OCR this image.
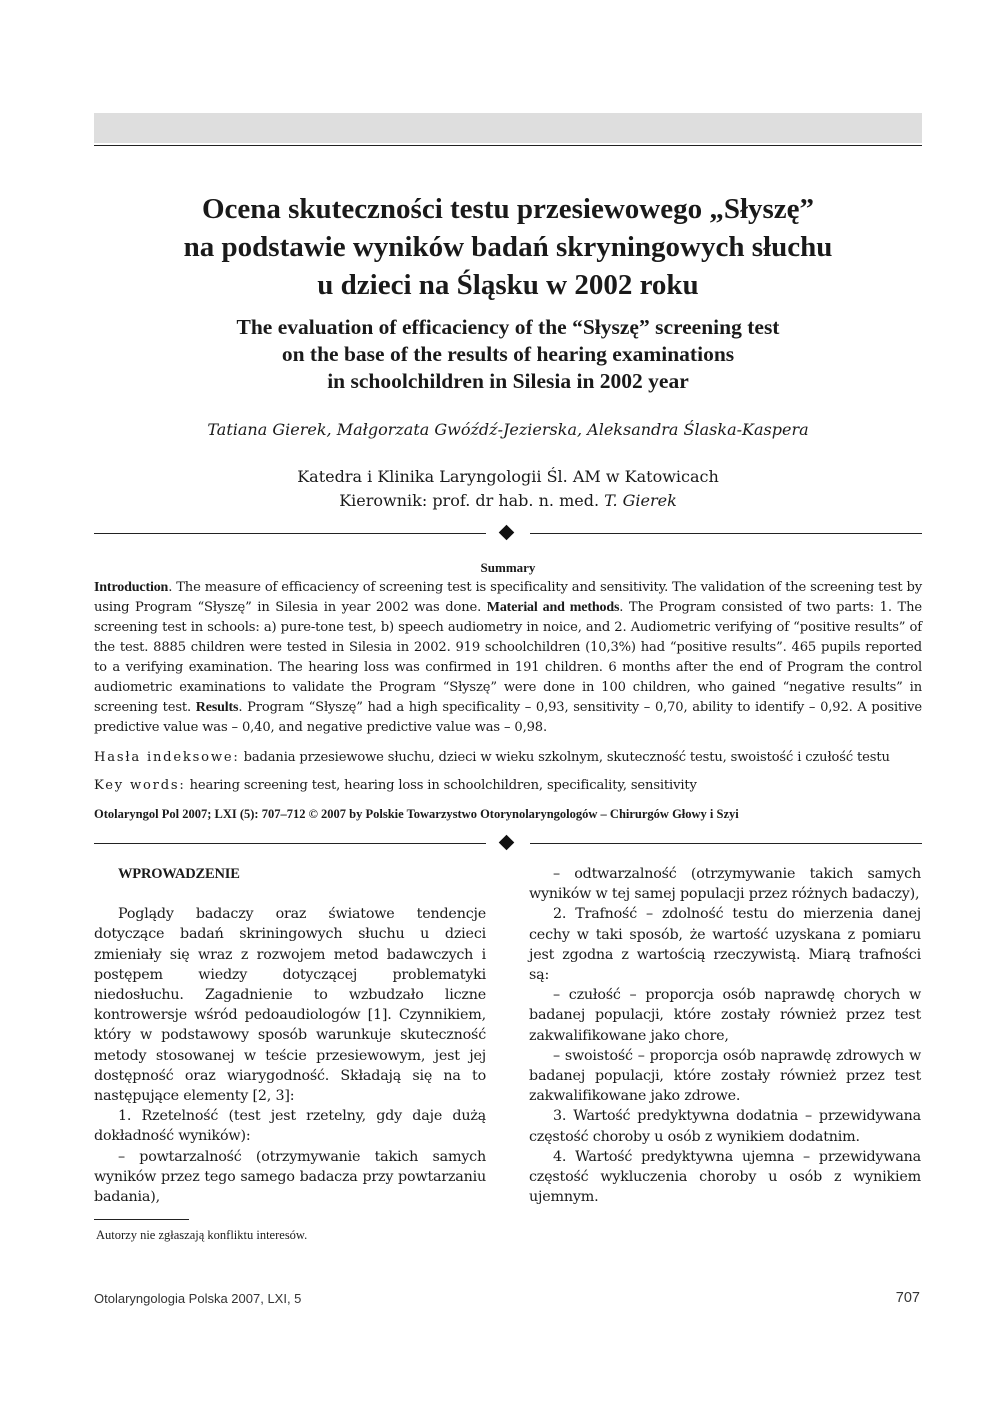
Ocena skuteczności testu przesiewowego „Słyszę”
na podstawie wyników badań skryningowych słuchu
u dzieci na Śląsku w 2002 roku
The evaluation of efficaciency of the “Słyszę” screening test
on the base of the results of hearing examinations
in schoolchildren in Silesia in 2002 year
Tatiana Gierek, Małgorzata Gwóźdź-Jezierska, Aleksandra Ślaska-Kaspera
Katedra i Klinika Laryngologii Śl. AM w Katowicach
Kierownik: prof. dr hab. n. med. T. Gierek
Summary
Introduction. The measure of efficaciency of screening test is specificality and sensitivity. The validation of the screening test by using Program “Słyszę” in Silesia in year 2002 was done. Material and methods. The Program consisted of two parts: 1. The screening test in schools: a) pure-tone test, b) speech audiometry in noice, and 2. Audiometric verifying of “positive results” of the test. 8885 children were tested in Silesia in 2002. 919 schoolchildren (10,3%) had “positive results”. 465 pupils reported to a verifying examination. The hearing loss was confirmed in 191 children. 6 months after the end of Program the control audiometric examinations to validate the Program “Słyszę” were done in 100 children, who gained “negative results” in screening test. Results. Program “Słyszę” had a high specificality – 0,93, sensitivity – 0,70, ability to identify – 0,92. A positive predictive value was – 0,40, and negative predictive value was – 0,98.
Hasła indeksowe: badania przesiewowe słuchu, dzieci w wieku szkolnym, skuteczność testu, swoistość i czułość testu
Key words: hearing screening test, hearing loss in schoolchildren, specificality, sensitivity
Otolaryngol Pol 2007; LXI (5): 707–712 © 2007 by Polskie Towarzystwo Otorynolaryngologów – Chirurgów Głowy i Szyi

WPROWADZENIE

Poglądy badaczy oraz światowe tendencje dotyczące badań skriningowych słuchu u dzieci zmieniały się wraz z rozwojem metod badawczych i postępem wiedzy dotyczącej problematyki niedosłuchu. Zagadnienie to wzbudzało liczne kontrowersje wśród pedoaudiologów [1]. Czynnikiem, który w podstawowy sposób warunkuje skuteczność metody stosowanej w teście przesiewowym, jest jej dostępność oraz wiarygodność. Składają się na to następujące elementy [2, 3]:

1. Rzetelność (test jest rzetelny, gdy daje dużą dokładność wyników):

– powtarzalność (otrzymywanie takich samych wyników przez tego samego badacza przy powtarzaniu badania),

– odtwarzalność (otrzymywanie takich samych wyników w tej samej populacji przez różnych badaczy),

2. Trafność – zdolność testu do mierzenia danej cechy w taki sposób, że wartość uzyskana z pomiaru jest zgodna z wartością rzeczywistą. Miarą trafności są:

– czułość – proporcja osób naprawdę chorych w badanej populacji, które zostały również przez test zakwalifikowane jako chore,

– swoistość – proporcja osób naprawdę zdrowych w badanej populacji, które zostały również przez test zakwalifikowane jako zdrowe.

3. Wartość predyktywna dodatnia – przewidywana częstość choroby u osób z wynikiem dodatnim.

4. Wartość predyktywna ujemna – przewidywana częstość wykluczenia choroby u osób z wynikiem ujemnym.

Autorzy nie zgłaszają konfliktu interesów.
Otolaryngologia Polska 2007, LXI, 5	707
